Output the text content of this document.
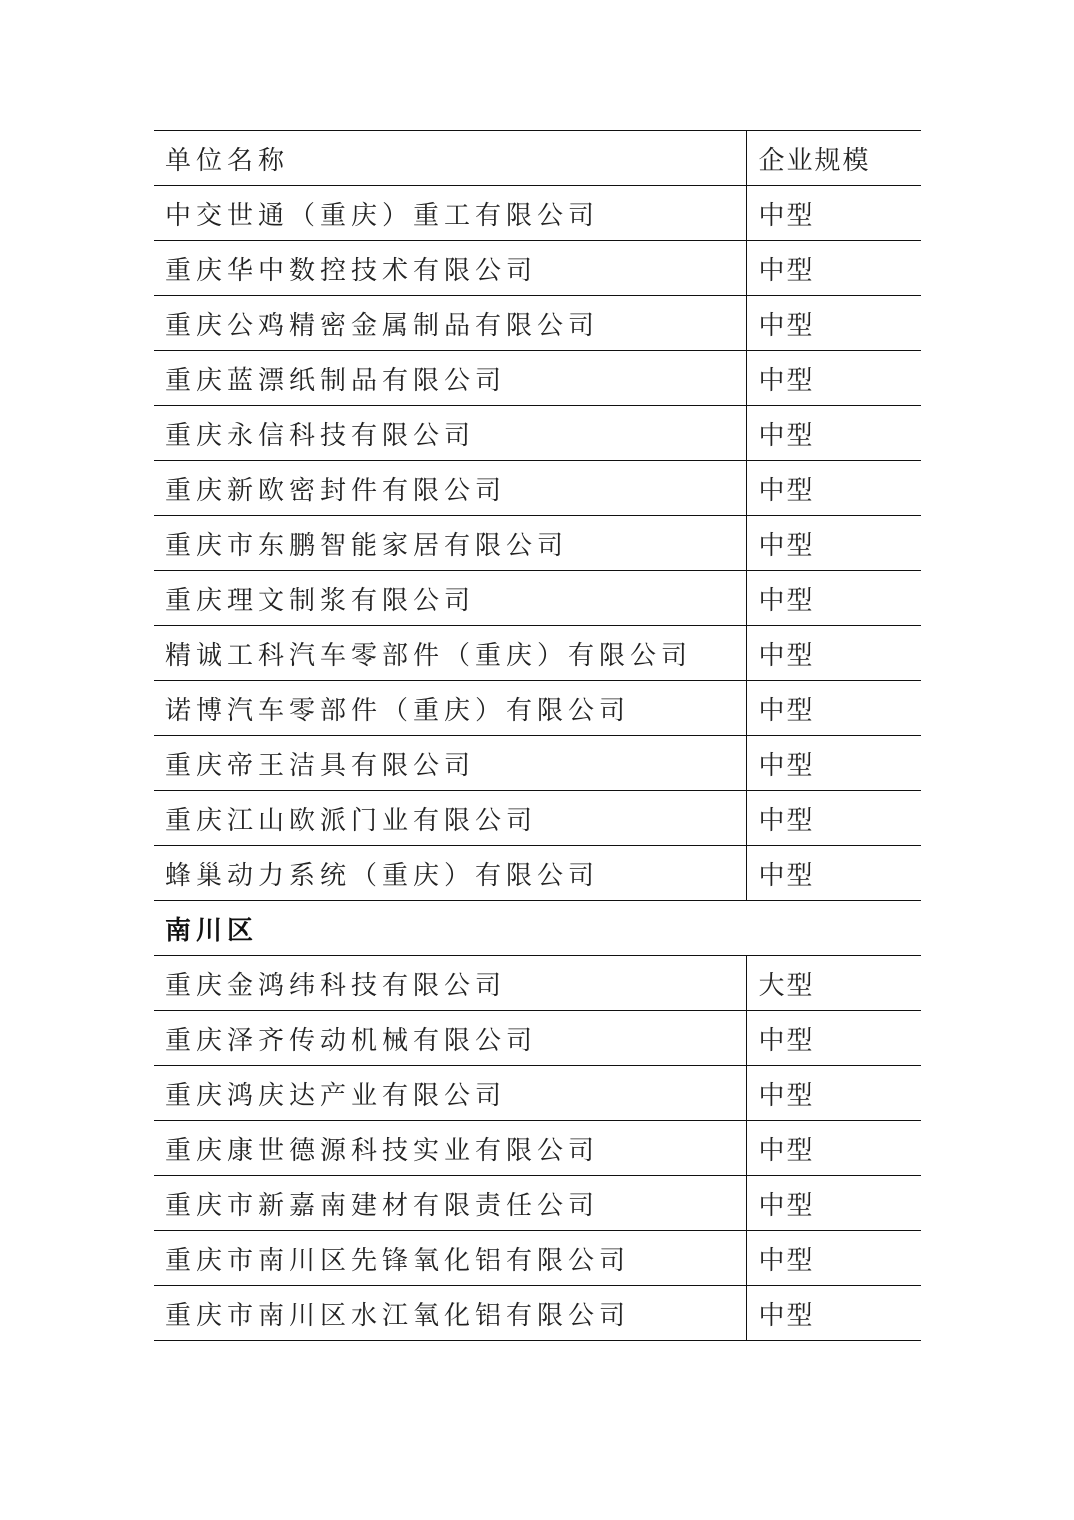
单位名称	企业规模
中交世通（重庆）重工有限公司	中型
重庆华中数控技术有限公司	中型
重庆公鸡精密金属制品有限公司	中型
重庆蓝漂纸制品有限公司	中型
重庆永信科技有限公司	中型
重庆新欧密封件有限公司	中型
重庆市东鹏智能家居有限公司	中型
重庆理文制浆有限公司	中型
精诚工科汽车零部件（重庆）有限公司	中型
诺博汽车零部件（重庆）有限公司	中型
重庆帝王洁具有限公司	中型
重庆江山欧派门业有限公司	中型
蜂巢动力系统（重庆）有限公司	中型
南川区	
重庆金鸿纬科技有限公司	大型
重庆泽齐传动机械有限公司	中型
重庆鸿庆达产业有限公司	中型
重庆康世德源科技实业有限公司	中型
重庆市新嘉南建材有限责任公司	中型
重庆市南川区先锋氧化铝有限公司	中型
重庆市南川区水江氧化铝有限公司	中型
